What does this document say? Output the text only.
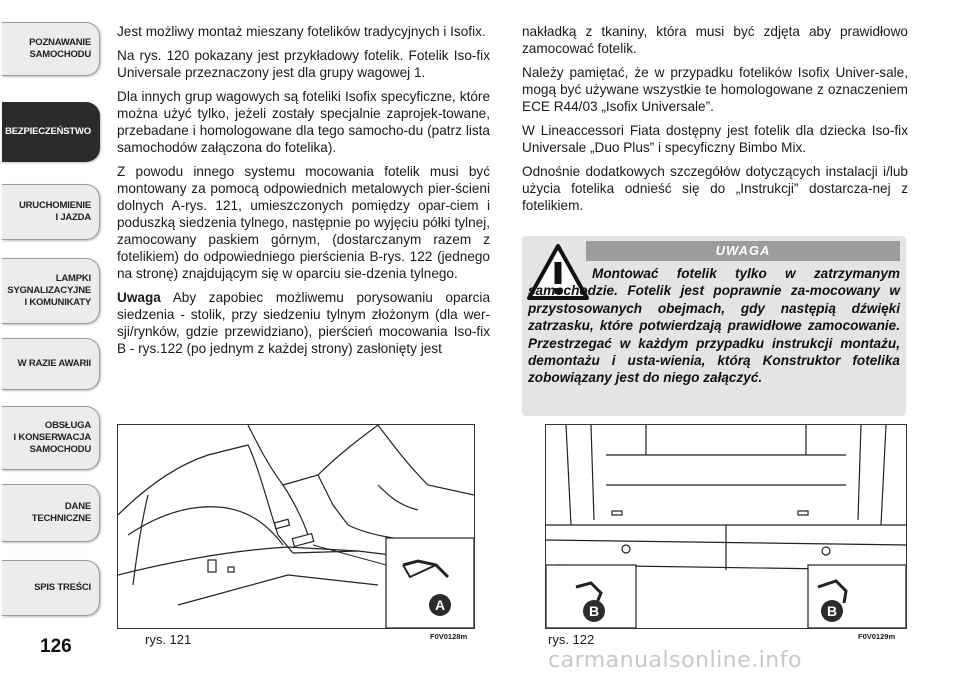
POZNAWANIE
SAMOCHODU
BEZPIECZEŃSTWO
URUCHOMIENIE
I JAZDA
LAMPKI
SYGNALIZACYJNE
I KOMUNIKATY
W RAZIE AWARII
OBSŁUGA
I KONSERWACJA
SAMOCHODU
DANE
TECHNICZNE
SPIS TREŚCI
126

Jest możliwy montaż mieszany fotelików tradycyjnych i Isofix.

Na rys. 120 pokazany jest przykładowy fotelik. Fotelik Iso-fix Universale przeznaczony jest dla grupy wagowej 1.

Dla innych grup wagowych są foteliki Isofix specyficzne, które można użyć tylko, jeżeli zostały specjalnie zaprojek-towane, przebadane i homologowane dla tego samocho-du (patrz lista samochodów załączona do fotelika).

Z powodu innego systemu mocowania fotelik musi być montowany za pomocą odpowiednich metalowych pier-ścieni dolnych A-rys. 121, umieszczonych pomiędzy opar-ciem i poduszką siedzenia tylnego, następnie po wyjęciu półki tylnej, zamocowany paskiem górnym, (dostarczanym razem z fotelikiem) do odpowiedniego pierścienia B-rys. 122 (jednego na stronę) znajdującym się w oparciu sie-dzenia tylnego.

Uwaga Aby zapobiec możliwemu porysowaniu oparcia siedzenia - stolik, przy siedzeniu tylnym złożonym (dla wer-sji/rynków, gdzie przewidziano), pierścień mocowania Iso-fix B - rys.122 (po jednym z każdej strony) zasłonięty jest

nakładką z tkaniny, która musi być zdjęta aby prawidłowo zamocować fotelik.

Należy pamiętać, że w przypadku fotelików Isofix Univer-sale, mogą być używane wszystkie te homologowane z oznaczeniem ECE R44/03 „Isofix Universale”.

W Lineaccessori Fiata dostępny jest fotelik dla dziecka Iso-fix Universale „Duo Plus” i specyficzny Bimbo Mix.

Odnośnie dodatkowych szczegółów dotyczących instalacji i/lub użycia fotelika odnieść się do „Instrukcji” dostarcza-nej z fotelikiem.

UWAGA
Montować fotelik tylko w zatrzymanym samochodzie. Fotelik jest poprawnie za-mocowany w przystosowanych obejmach, gdy następią dźwięki zatrzasku, które potwierdzają prawidłowe zamocowanie. Przestrzegać w każdym przypadku instrukcji montażu, demontażu i usta-wienia, którą Konstruktor fotelika zobowiązany jest do niego załączyć.
A
rys. 121	F0V0128m
B	B
rys. 122	F0V0129m
carmanualsonline.info
